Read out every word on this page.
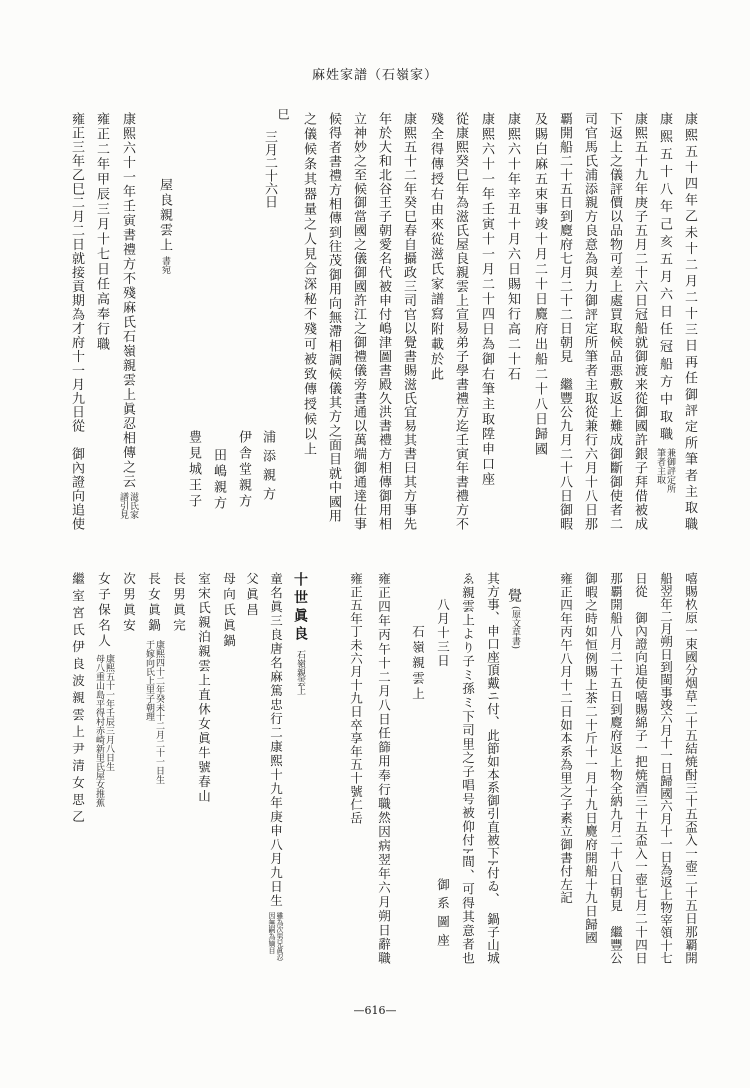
麻姓家譜（石嶺家）
康熙五十四年乙未十二月二十三日再任御評定所筆者主取職
康熙五十八年己亥五月六日任冠船方中取職
兼御評定所
筆者主取
康熙五十九年庚子五月二十六日冠船就御渡来從御國許銀子拜借被成
下返上之儀評價以品物可差上處買取候品悪敷返上難成御斷御使者二
司官馬氏浦添親方良意為與力御評定所筆者主取從兼行六月十八日那
覇開船二十五日到麑府七月二十二日朝見　繼豐公九月二十八日御暇
及賜白麻五束事竣十月二十日麑府出船二十八日歸國
康熙六十年辛丑十月六日賜知行高二十石
康熙六十一年壬寅十一月二十四日為御右筆主取陞申口座
從康熙癸巳年為滋氏屋良親雲上宣易弟子學書禮方迄壬寅年書禮方不
殘全得傳授右由來從滋氏家譜寫附載於此
康熙五十二年癸巳春自攝政三司官以覺書賜滋氏宜易其書曰其方事先
年於大和北谷王子朝愛名代被申付嶋津圖書殿久洪書禮方相傳御用相
立神妙之至候御當國之儀御國許江之御禮儀旁書通以萬端御通達仕事
候得者書禮方相傳到往茂御用向無滯相調候儀其方之面目就中國用
之儀候条其器量之人見合深秘不殘可被致傳授候以上
巳
三月二十六日
浦添親方
伊舎堂親方
田嶋親方
豊見城王子
屋良親雲上
書宛
康熙六十一年壬寅書禮方不殘麻氏石嶺親雲上眞忍相傳之云
滋氏家
譜引見
雍正二年甲辰三月十七日任高奉行職
雍正三年乙巳二月二日就接貢期為才府十一月九日從　御內證向追使
嘻賜杦原一束國分烟草二十五結焼酎三十五盃入一壺二十五日那覇開
船翌年二月朔日到閩事竣六月十一日歸國六月十一日為返上物宰領十七
日從　御內證向追使嘻賜綿子一把焼酒三十五盃入一壺七月二十四日
那覇開船八月二十五日到麑府返上物全納九月二十八日朝見　繼豐公
御暇之時如恒例賜上茶二十斤十一月十九日麑府開船十九日歸國
雍正四年丙午八月十二日如本系為里之子素立御書付左記
覺
(原文草書)
其方事、申口座頂戴ニ付、此節如本系御引直被下ﾄ付ゐ、　鍋子山城
ゑ親雲上より子ミ孫ミ下司里之子唱号被仰付ﾄ間、可得其意者也
八月十三日
御系圖座
石嶺親雲上
雍正四年丙午十二月八日任篩用奉行職然因病翌年六月朔日辭職
雍正五年丁未六月十九日卒享年五十號仁岳
十世眞良
石嶺親雲上
童名眞三良唐名麻篤忠行二康熙十九年庚申八月九日生
雖為次男兄眞忍
因無嗣為嫡目
父眞昌
母向氏眞鍋
室宋氏親泊親雲上直休女眞牛號春山
長男眞完
長女眞鍋
康熙四十二年癸未十二月二十一日生
于嫁向氏上里子朝理
次男眞安
女子保名人
康熙五十一年壬辰三月八日生
母八重山島平得村赤崎新里氏屋女推蕉
繼室宮氏伊良波親雲上尹清女思乙
—616—
